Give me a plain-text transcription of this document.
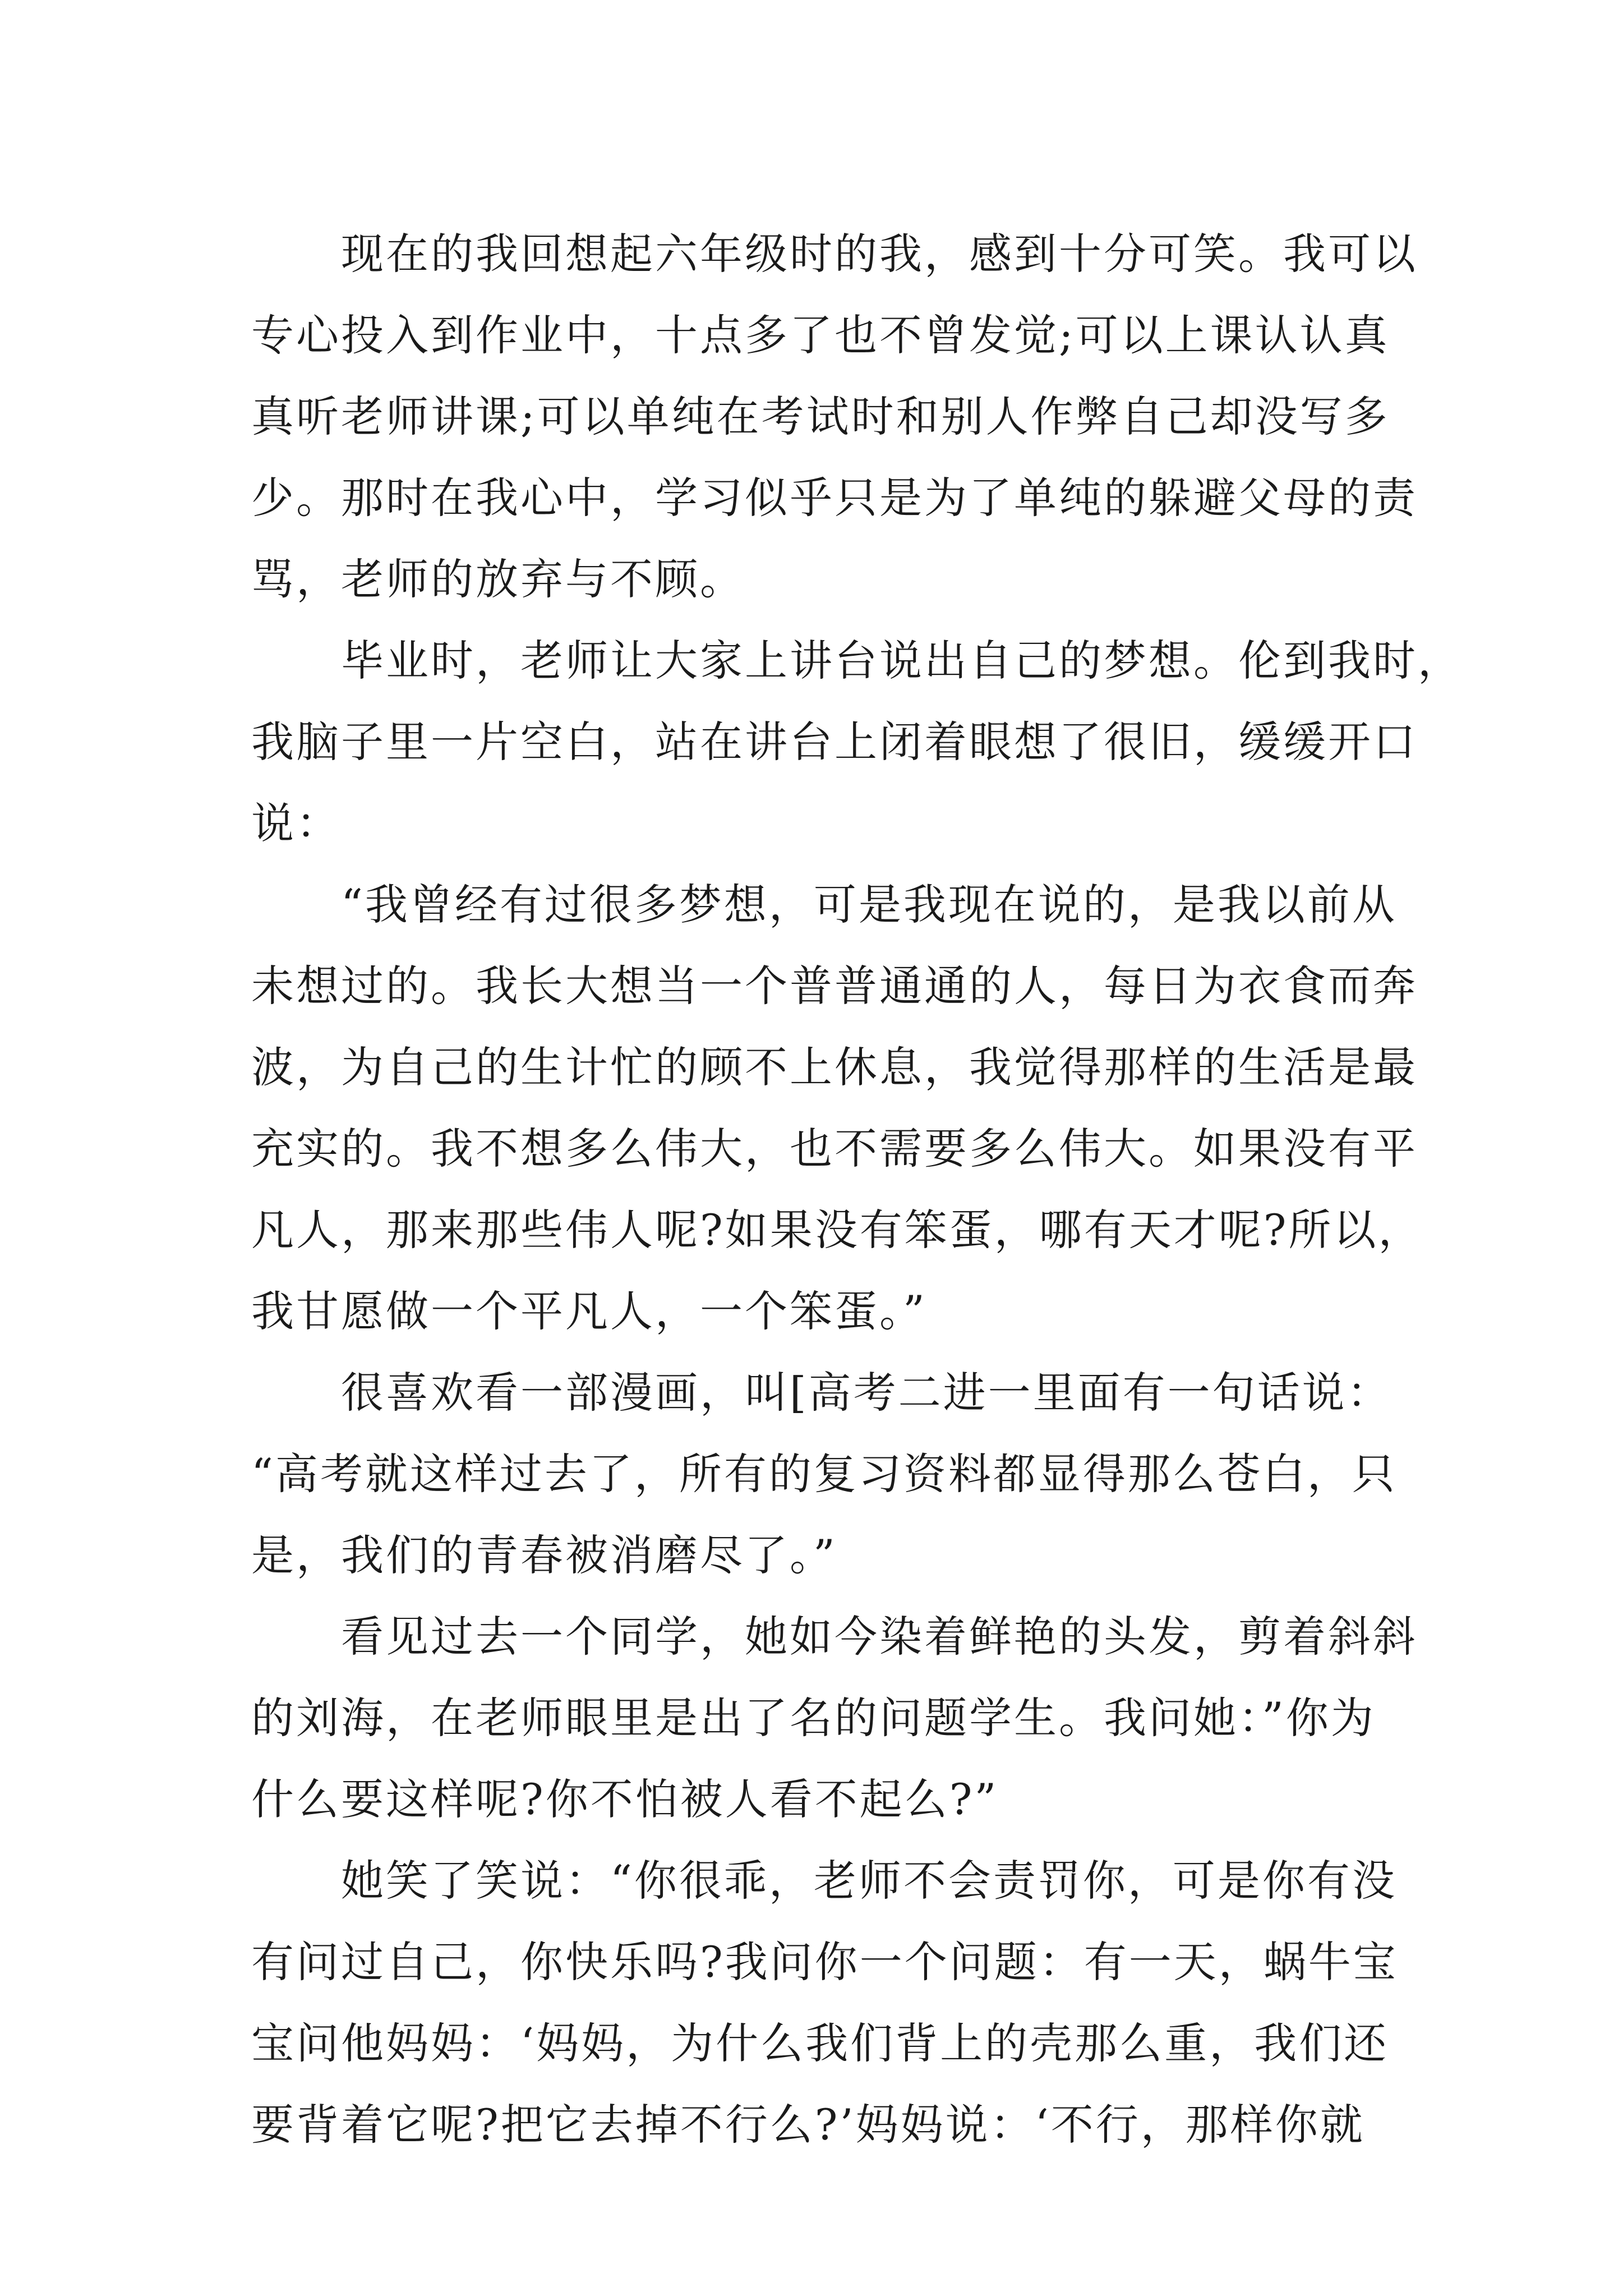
　　现在的我回想起六年级时的我，感到十分可笑。我可以
专心投入到作业中，十点多了也不曾发觉;可以上课认认真
真听老师讲课;可以单纯在考试时和别人作弊自己却没写多
少。那时在我心中，学习似乎只是为了单纯的躲避父母的责
骂，老师的放弃与不顾。
　　毕业时，老师让大家上讲台说出自己的梦想。伦到我时，
我脑子里一片空白，站在讲台上闭着眼想了很旧，缓缓开口
说：
　　“我曾经有过很多梦想，可是我现在说的，是我以前从
未想过的。我长大想当一个普普通通的人，每日为衣食而奔
波，为自己的生计忙的顾不上休息，我觉得那样的生活是最
充实的。我不想多么伟大，也不需要多么伟大。如果没有平
凡人，那来那些伟人呢?如果没有笨蛋，哪有天才呢?所以，
我甘愿做一个平凡人，一个笨蛋。”
　　很喜欢看一部漫画，叫[高考二进一里面有一句话说：
“高考就这样过去了，所有的复习资料都显得那么苍白，只
是，我们的青春被消磨尽了。”
　　看见过去一个同学，她如今染着鲜艳的头发，剪着斜斜
的刘海，在老师眼里是出了名的问题学生。我问她：”你为
什么要这样呢?你不怕被人看不起么?”
　　她笑了笑说：“你很乖，老师不会责罚你，可是你有没
有问过自己，你快乐吗?我问你一个问题：有一天，蜗牛宝
宝问他妈妈：‘妈妈，为什么我们背上的壳那么重，我们还
要背着它呢?把它去掉不行么?’妈妈说：‘不行，那样你就
